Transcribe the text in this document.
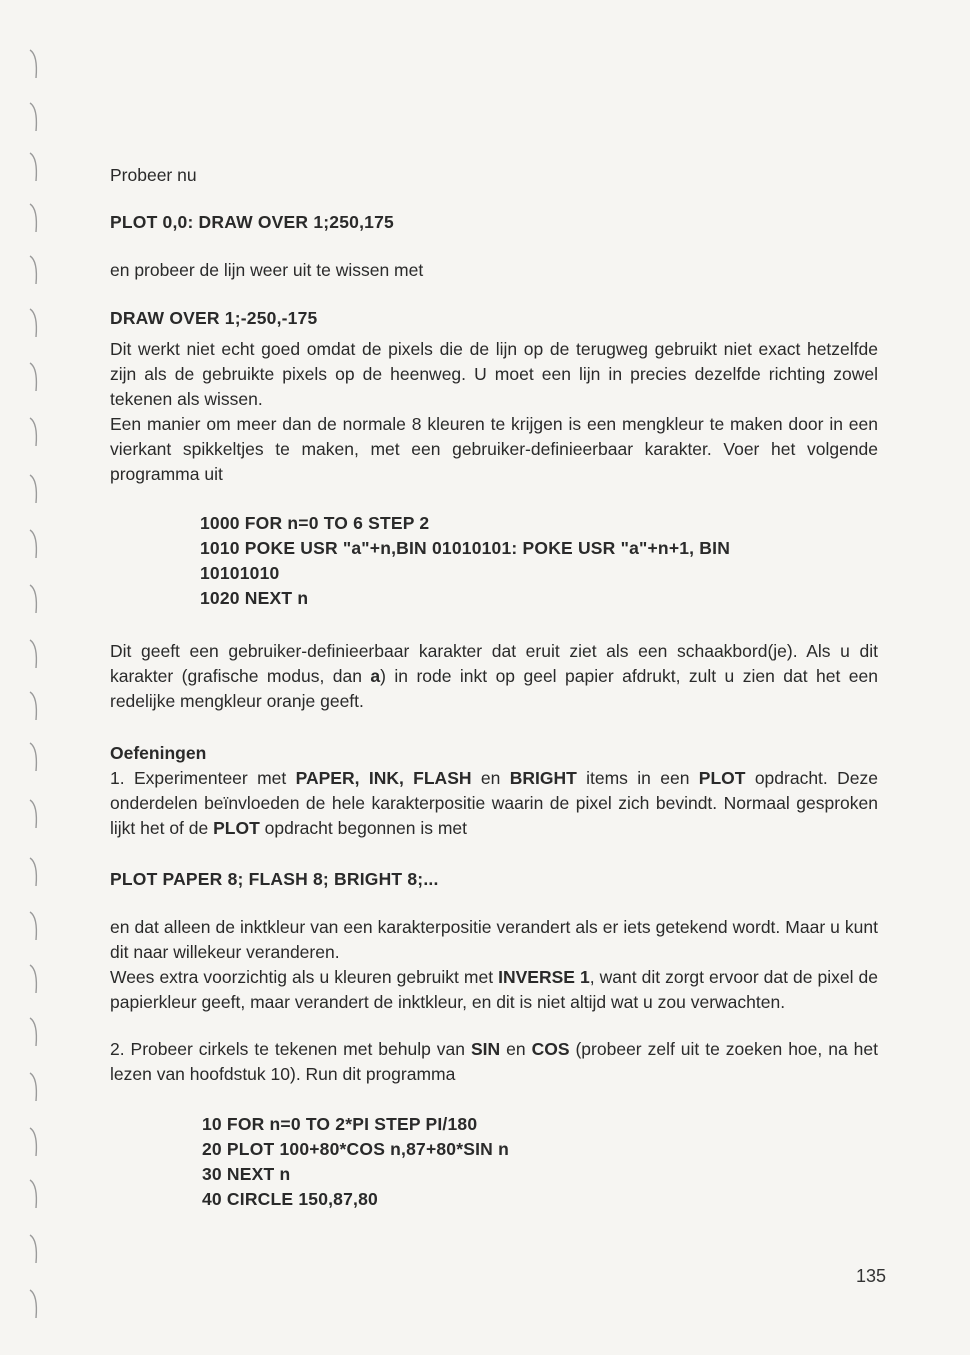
Probeer nu

PLOT 0,0: DRAW OVER 1;250,175

en probeer de lijn weer uit te wissen met

DRAW OVER 1;-250,-175

Dit werkt niet echt goed omdat de pixels die de lijn op de terugweg gebruikt niet exact hetzelfde zijn als de gebruikte pixels op de heenweg. U moet een lijn in precies dezelfde richting zowel tekenen als wissen.

Een manier om meer dan de normale 8 kleuren te krijgen is een mengkleur te maken door in een vierkant spikkeltjes te maken, met een gebruiker-definieerbaar karakter. Voer het volgende programma uit

1000 FOR n=0 TO 6 STEP 2

1010 POKE USR "a"+n,BIN 01010101: POKE USR "a"+n+1, BIN

10101010

1020 NEXT n

Dit geeft een gebruiker-definieerbaar karakter dat eruit ziet als een schaakbord(je). Als u dit karakter (grafische modus, dan a) in rode inkt op geel papier afdrukt, zult u zien dat het een redelijke mengkleur oranje geeft.

Oefeningen

1. Experimenteer met PAPER, INK, FLASH en BRIGHT items in een PLOT opdracht. Deze onderdelen beïnvloeden de hele karakterpositie waarin de pixel zich bevindt. Normaal gesproken lijkt het of de PLOT opdracht begonnen is met

PLOT PAPER 8; FLASH 8; BRIGHT 8;...

en dat alleen de inktkleur van een karakterpositie verandert als er iets getekend wordt. Maar u kunt dit naar willekeur veranderen.

Wees extra voorzichtig als u kleuren gebruikt met INVERSE 1, want dit zorgt ervoor dat de pixel de papierkleur geeft, maar verandert de inktkleur, en dit is niet altijd wat u zou verwachten.

2. Probeer cirkels te tekenen met behulp van SIN en COS (probeer zelf uit te zoeken hoe, na het lezen van hoofdstuk 10). Run dit programma

10 FOR n=0 TO 2*PI STEP PI/180

20 PLOT 100+80*COS n,87+80*SIN n

30 NEXT n

40 CIRCLE 150,87,80

135
